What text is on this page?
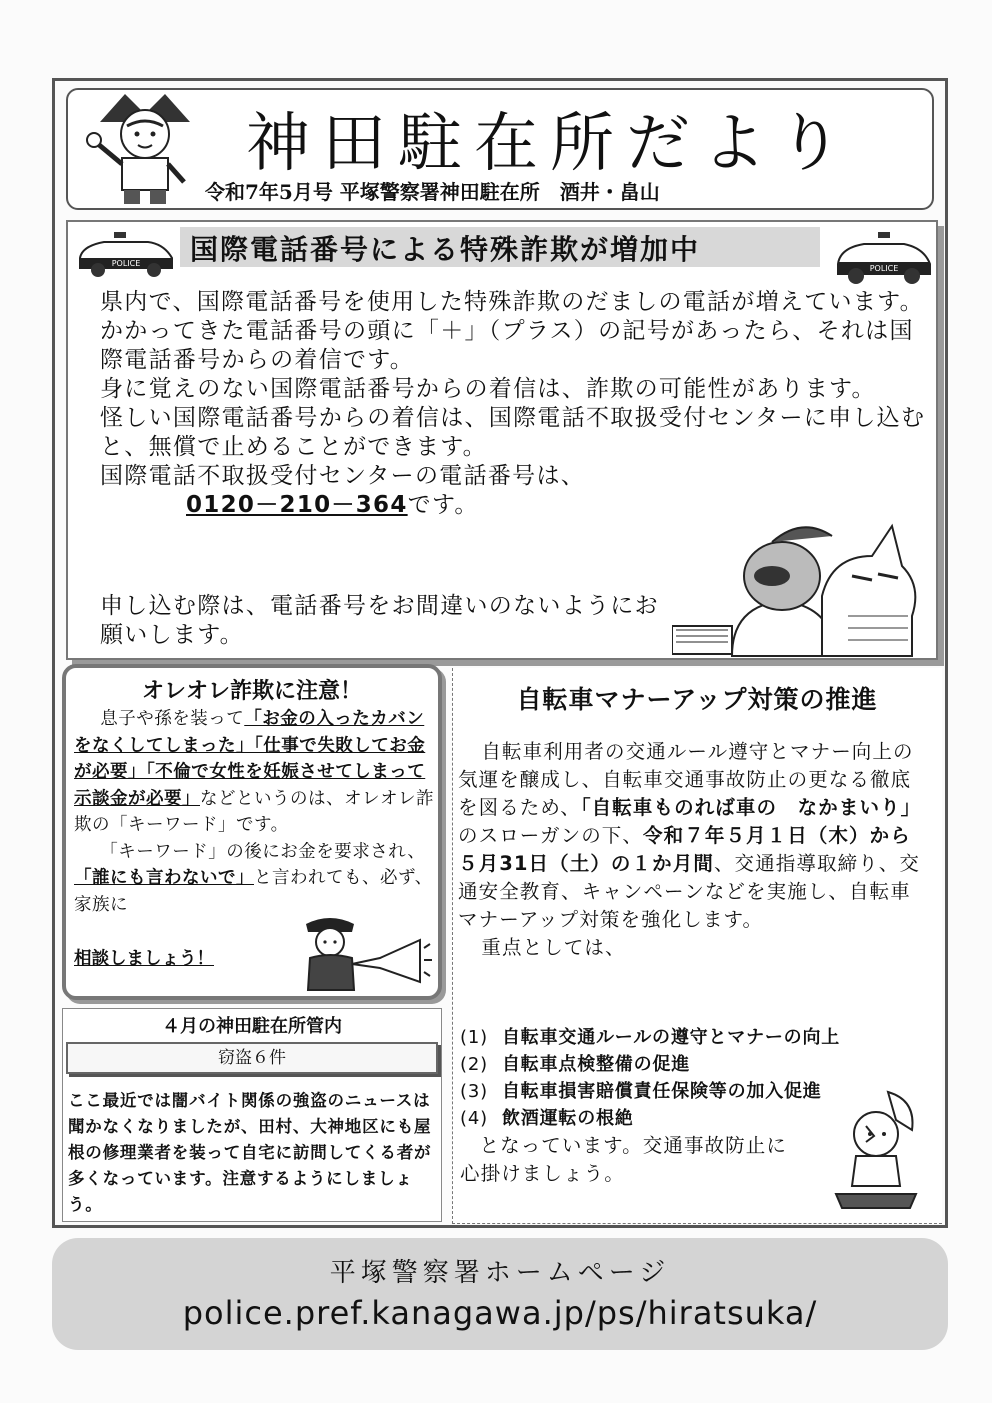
神田駐在所だより
令和7年5月号 平塚警察署神田駐在所　酒井・畠山
国際電話番号による特殊詐欺が増加中
POLICE
POLICE

県内で、国際電話番号を使用した特殊詐欺のだましの電話が増えています。

かかってきた電話番号の頭に「＋」（プラス）の記号があったら、それは国際電話番号からの着信です。

身に覚えのない国際電話番号からの着信は、詐欺の可能性があります。

怪しい国際電話番号からの着信は、国際電話不取扱受付センターに申し込むと、無償で止めることができます。

国際電話不取扱受付センターの電話番号は、

0120－210－364です。

申し込む際は、電話番号をお間違いのないようにお願いします。
オレオレ詐欺に注意！

息子や孫を装って「お金の入ったカバンをなくしてしまった」「仕事で失敗してお金が必要」「不倫で女性を妊娠させてしまって示談金が必要」などというのは、オレオレ詐欺の「キーワード」です。

「キーワード」の後にお金を要求され、「誰にも言わないで」と言われても、必ず、家族に

相談しましょう！
４月の神田駐在所管内
窃盗６件
ここ最近では闇バイト関係の強盗のニュースは聞かなくなりましたが、田村、大神地区にも屋根の修理業者を装って自宅に訪問してくる者が多くなっています。注意するようにしましょう。
自転車マナーアップ対策の推進

自転車利用者の交通ルール遵守とマナー向上の気運を醸成し、自転車交通事故防止の更なる徹底を図るため、「自転車ものれば車の　なかまいり」のスローガンの下、令和７年５月１日（木）から５月31日（土）の１か月間、交通指導取締り、交通安全教育、キャンペーンなどを実施し、自転車マナーアップ対策を強化します。

重点としては、

(1) 自転車交通ルールの遵守とマナーの向上
(2) 自転車点検整備の促進
(3) 自転車損害賠償責任保険等の加入促進
(4) 飲酒運転の根絶
となっています。交通事故防止に心掛けましょう。
平塚警察署ホームページ
police.pref.kanagawa.jp/ps/hiratsuka/
